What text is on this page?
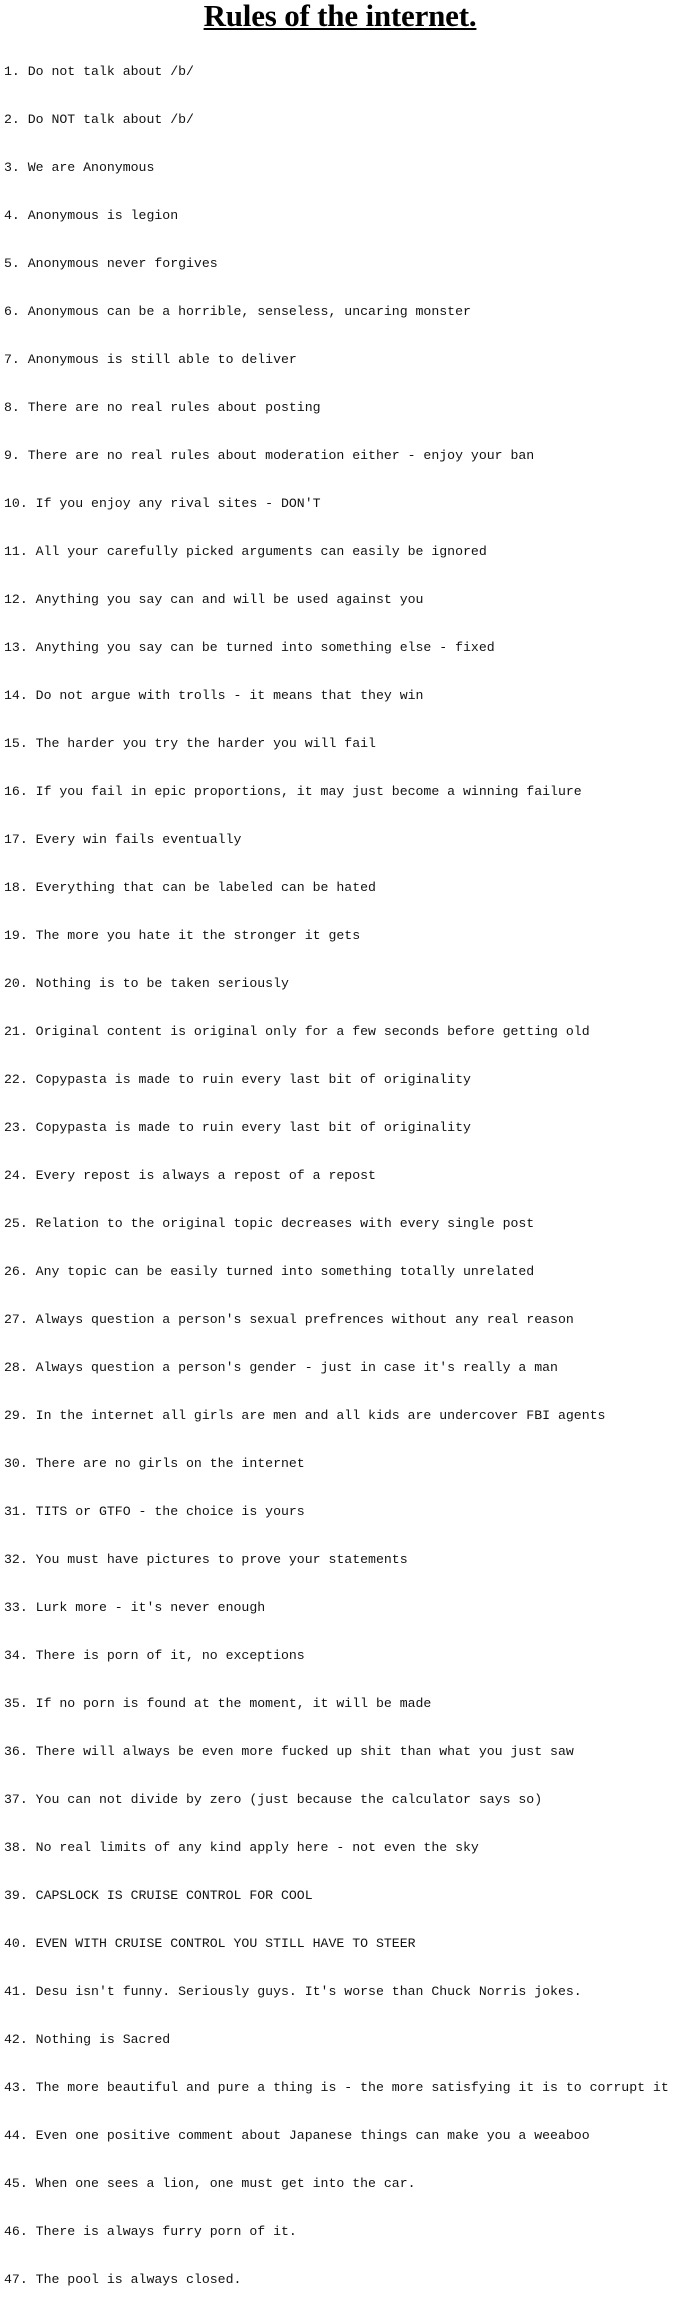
Rules of the internet.

1. Do not talk about /b/

2. Do NOT talk about /b/

3. We are Anonymous

4. Anonymous is legion

5. Anonymous never forgives

6. Anonymous can be a horrible, senseless, uncaring monster

7. Anonymous is still able to deliver

8. There are no real rules about posting

9. There are no real rules about moderation either - enjoy your ban

10. If you enjoy any rival sites - DON'T

11. All your carefully picked arguments can easily be ignored

12. Anything you say can and will be used against you

13. Anything you say can be turned into something else - fixed

14. Do not argue with trolls - it means that they win

15. The harder you try the harder you will fail

16. If you fail in epic proportions, it may just become a winning failure

17. Every win fails eventually

18. Everything that can be labeled can be hated

19. The more you hate it the stronger it gets

20. Nothing is to be taken seriously

21. Original content is original only for a few seconds before getting old

22. Copypasta is made to ruin every last bit of originality

23. Copypasta is made to ruin every last bit of originality

24. Every repost is always a repost of a repost

25. Relation to the original topic decreases with every single post

26. Any topic can be easily turned into something totally unrelated

27. Always question a person's sexual prefrences without any real reason

28. Always question a person's gender - just in case it's really a man

29. In the internet all girls are men and all kids are undercover FBI agents

30. There are no girls on the internet

31. TITS or GTFO - the choice is yours

32. You must have pictures to prove your statements

33. Lurk more - it's never enough

34. There is porn of it, no exceptions

35. If no porn is found at the moment, it will be made

36. There will always be even more fucked up shit than what you just saw

37. You can not divide by zero (just because the calculator says so)

38. No real limits of any kind apply here - not even the sky

39. CAPSLOCK IS CRUISE CONTROL FOR COOL

40. EVEN WITH CRUISE CONTROL YOU STILL HAVE TO STEER

41. Desu isn't funny. Seriously guys. It's worse than Chuck Norris jokes.

42. Nothing is Sacred

43. The more beautiful and pure a thing is - the more satisfying it is to corrupt it

44. Even one positive comment about Japanese things can make you a weeaboo

45. When one sees a lion, one must get into the car.

46. There is always furry porn of it.

47. The pool is always closed.
